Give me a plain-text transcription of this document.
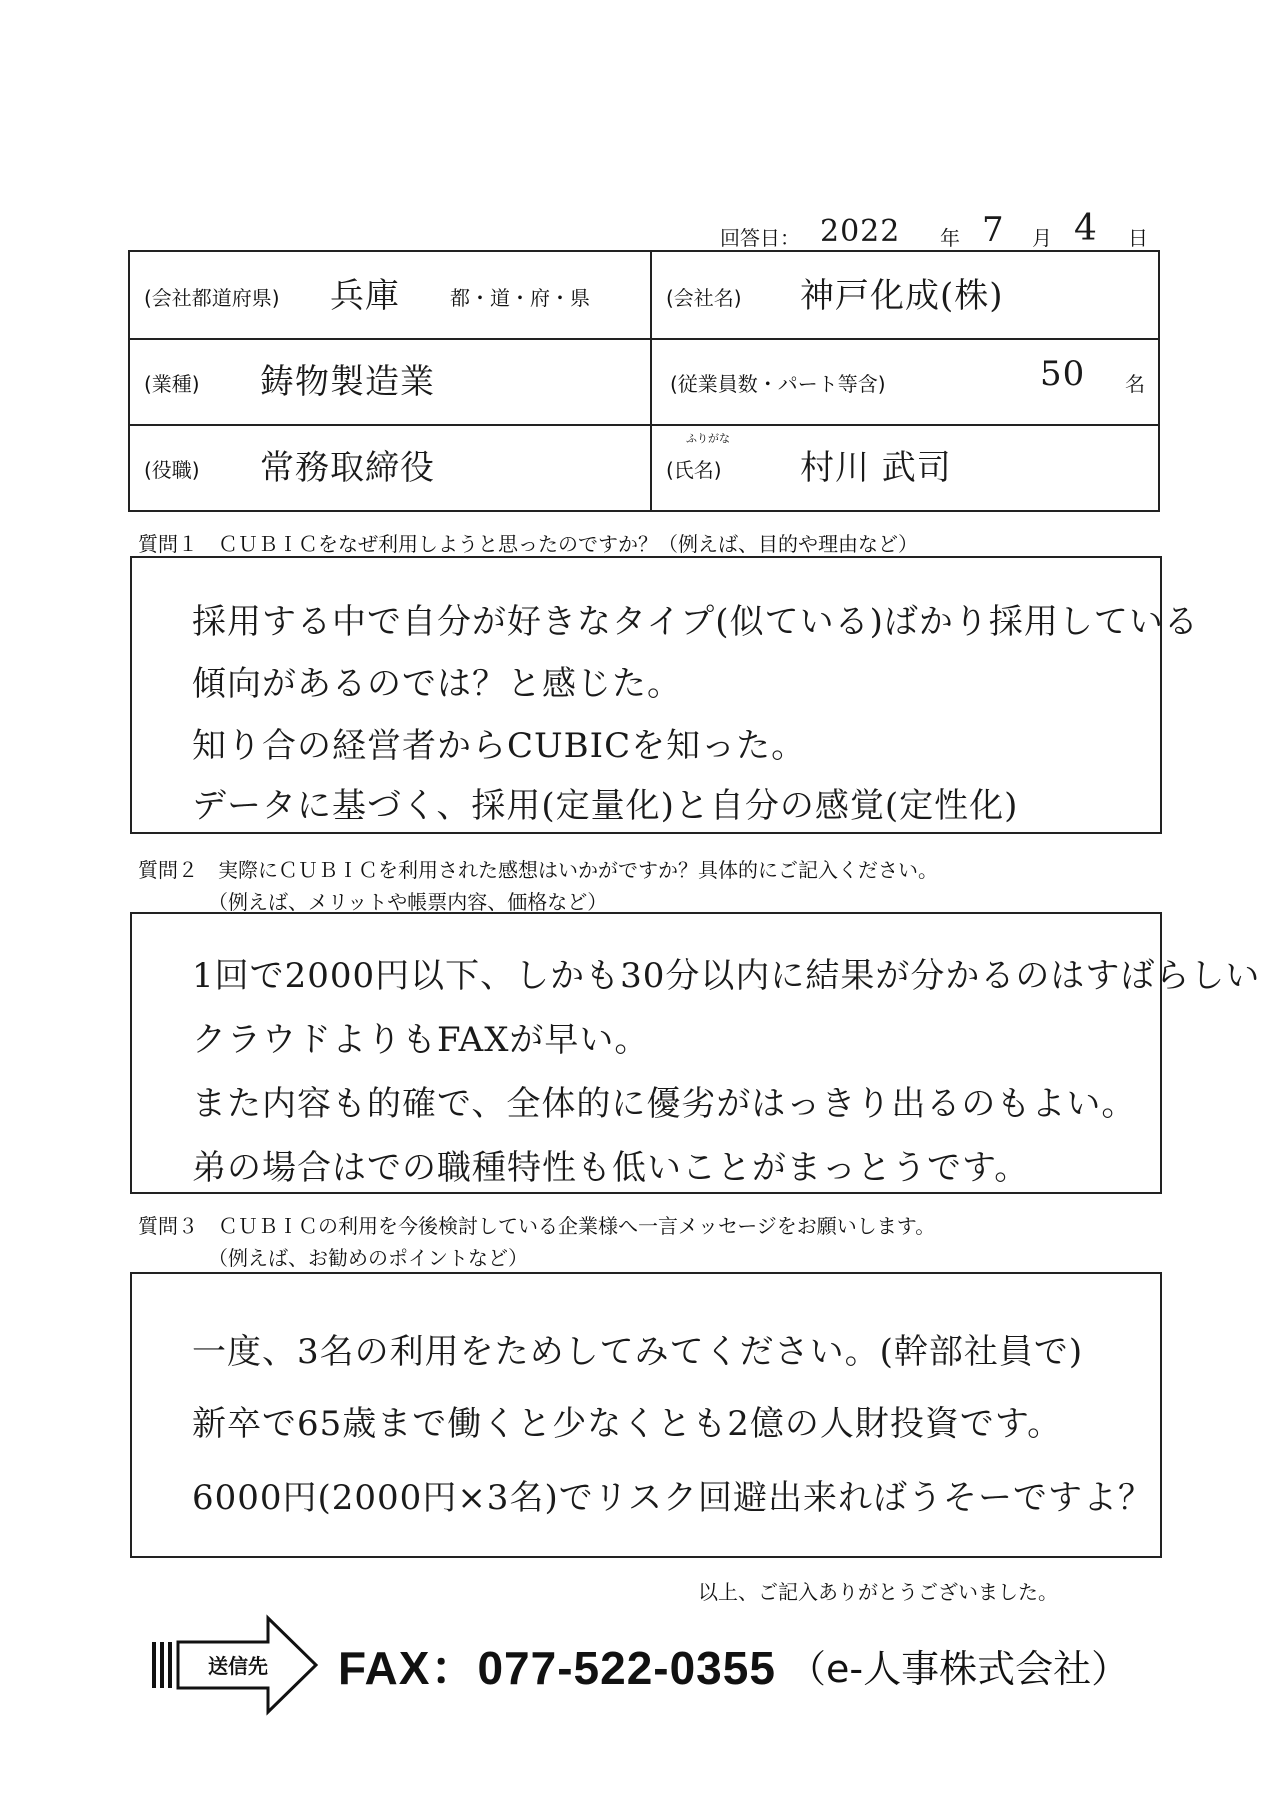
回答日： 2022 年 7 月 4 日
(会社都道府県) 兵庫	都・道・府・県	(会社名) 神戸化成(株)
(業種) 鋳物製造業	(従業員数・パート等含)	50 名
(役職) 常務取締役
ふりがな
(氏名) 村川 武司
質問１　ＣＵＢＩＣをなぜ利用しようと思ったのですか？（例えば、目的や理由など）
採用する中で自分が好きなタイプ(似ている)ばかり採用している
傾向があるのでは？と感じた。
知り合の経営者からCUBICを知った。
データに基づく、採用(定量化)と自分の感覚(定性化)
質問２　実際にＣＵＢＩＣを利用された感想はいかがですか？具体的にご記入ください。
（例えば、メリットや帳票内容、価格など）
1回で2000円以下、しかも30分以内に結果が分かるのはすばらしい
クラウドよりもFAXが早い。
また内容も的確で、全体的に優劣がはっきり出るのもよい。
弟の場合はでの職種特性も低いことがまっとうです。
質問３　ＣＵＢＩＣの利用を今後検討している企業様へ一言メッセージをお願いします。
（例えば、お勧めのポイントなど）
一度、3名の利用をためしてみてください。(幹部社員で)
新卒で65歳まで働くと少なくとも2億の人財投資です。
6000円(2000円×3名)でリスク回避出来ればうそーですよ？
以上、ご記入ありがとうございました。
送信先 FAX：077-522-0355 （e-人事株式会社）
